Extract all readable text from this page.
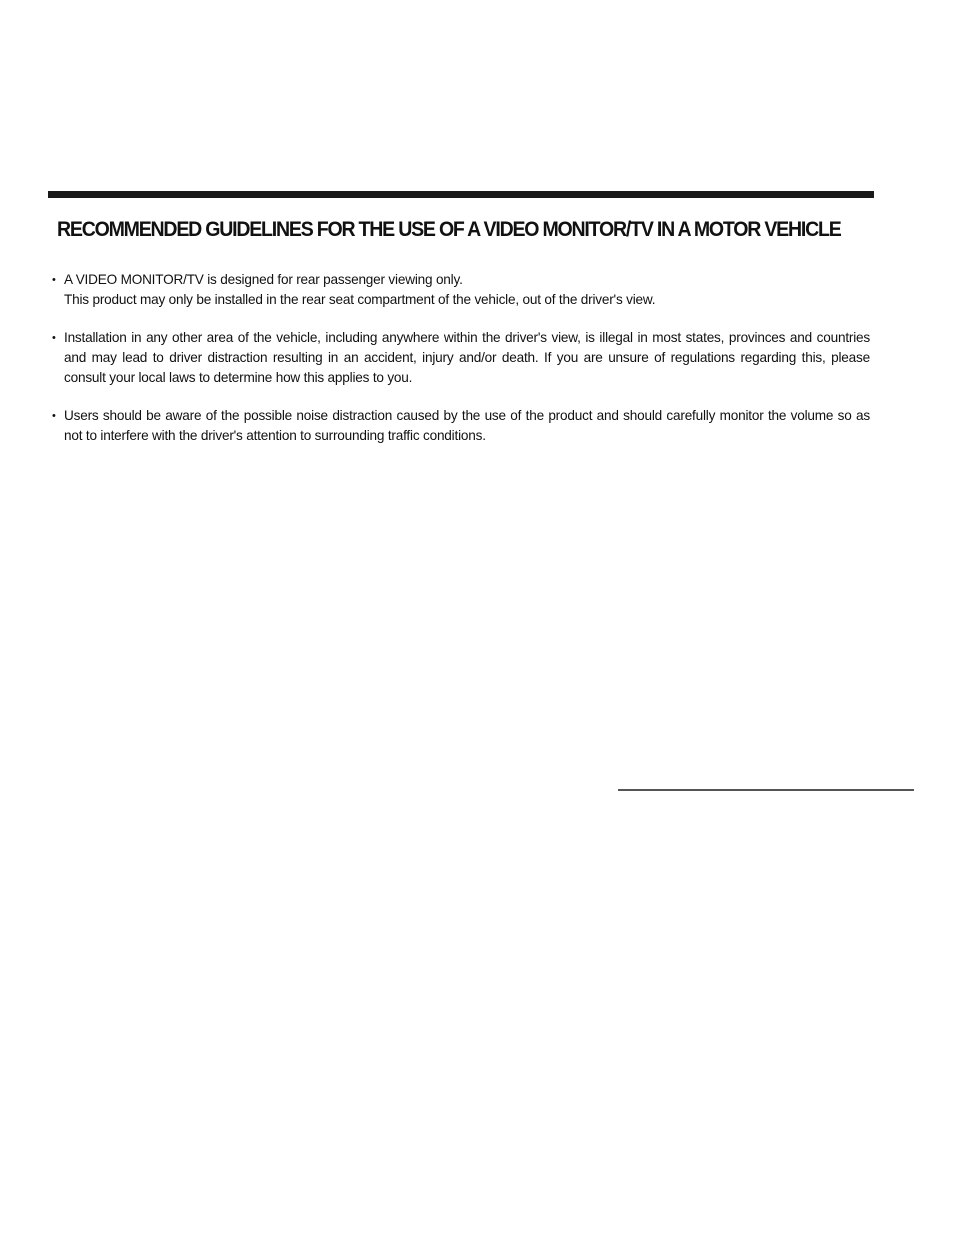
RECOMMENDED GUIDELINES FOR THE USE OF A VIDEO MONITOR/TV IN A MOTOR VEHICLE
• A VIDEO MONITOR/TV is designed for rear passenger viewing only.
This product may only be installed in the rear seat compartment of the vehicle, out of the driver's view.
• Installation in any other area of the vehicle, including anywhere within the driver's view, is illegal in most states, provinces and countries and may lead to driver distraction resulting in an accident, injury and/or death. If you are unsure of regulations regarding this, please consult your local laws to determine how this applies to you.
• Users should be aware of the possible noise distraction caused by the use of the product and should carefully monitor the volume so as not to interfere with the driver's attention to surrounding traffic conditions.
